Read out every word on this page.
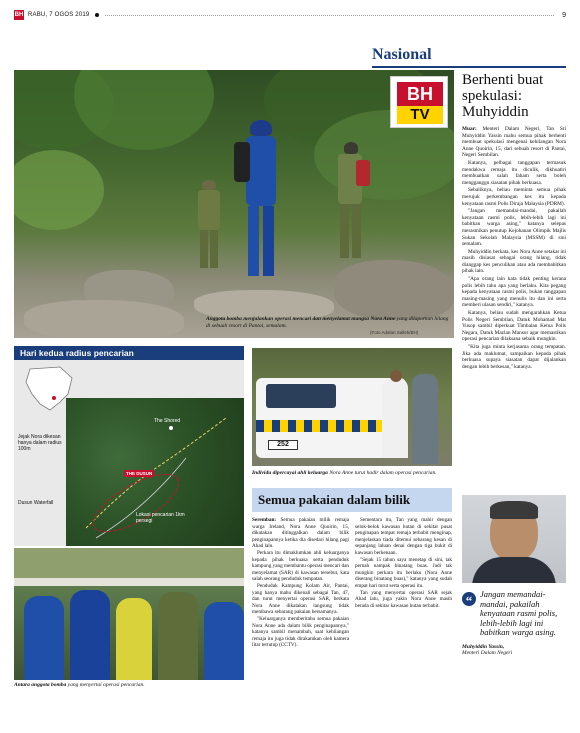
BH RABU, 7 OGOS 2019	9
Nasional
BH
TV
Anggota bomba menjalankan operasi mencari dan menyelamat mangsa Nora Anne yang dilaporkan hilang di sebuah resort di Pantai, semalam.
(Foto Adalan Salleh/BH)
Berhenti buat spekulasi: Muhyiddin

Muar: Menteri Dalam Negeri, Tan Sri Muhyiddin Yassin mahu semua pihak berhenti membuat spekulasi mengenai kehilangan Nora Anne Quoirin, 15, dari sebuah resort di Pantai, Negeri Sembilan.

Katanya, pelbagai tanggapan termasuk mendakwa remaja itu diculik, dikhuatiri membuatkan salah faham serta boleh mengganggu siasatan pihak berkuasa.

Sebaliknya, beliau meminta semua pihak merujuk perkembangan kes itu kepada kenyataan rasmi Polis Diraja Malaysia (PDRM).

"Jangan memandai-mandai, pakailah kenyataan rasmi polis, lebih-lebih lagi ini babitkan warga asing," katanya selepas merasmikan penutup Kejohanan Olimpik Majlis Sukan Sekolah Malaysia (MSSM) di sini semalam.

Muhyiddin berkata, kes Nora Anne setakat ini masih disiasat sebagai orang hilang, tidak dianggap kes penculikan atau ada membabitkan pihak lain.

"Apa orang lain kata tidak penting kerana polis lebih tahu apa yang berlaku. Kita pegang kepada kenyataan rasmi polis, bukan tanggapan masing-masing yang menulis itu dan ini serta memberi ulasan sendiri," katanya.

Katanya, beliau sudah mengarahkan Ketua Polis Negeri Sembilan, Datuk Mohamad Mat Yusop sambil diperkuat Timbalan Ketua Polis Negara, Datuk Mazlan Mansor agar memastikan operasi pencarian dilaksana sebaik mungkin.

"Kita juga minta kerjasama orang tempatan. Jika ada maklumat, sampaikan kepada pihak berkuasa supaya siasatan dapat dijalankan dengan lebih berkesan," katanya.

Hari kedua radius pencarian
The Shored
THE DUSUN
Lokasi pencarian 1km persegi
Jejak Nora dikesan hanya dalam radius 100m
Dusun Waterfall
Antara anggota bomba yang menyertai operasi pencarian.
252
Individu dipercayai ahli keluarga Nora Anne turut hadir dalam operasi pencarian.
Semua pakaian dalam bilik

Seremban: Semua pakaian milik remaja warga Ireland, Nora Anne Quoirin, 15, dikatakan ditinggalkan dalam bilik penginapannya ketika dia disedari hilang pagi Ahad lalu.

Perkara itu dimaklumkan ahli keluarganya kepada pihak berkuasa serta penduduk kampung yang membantu operasi mencari dan menyelamat (SAR) di kawasan tersebut, kata salah seorang penduduk tempatan.

Penduduk Kampung Kolam Air, Pantai, yang hanya mahu dikenali sebagai Tan, 47, dan turut menyertai operasi SAR, berkata Nora Anne dikatakan langsung tidak membawa sebarang pakaian bersamanya.

"Keluarganya memberitahu semua pakaian Nora Anne ada dalam bilik penginapannya," katanya sambil menambah, saat kehilangan remaja itu juga tidak dirakamkan oleh kamera litar tertutup (CCTV).

Sementara itu, Tan yang mahir dengan selok-belok kawasan hutan di sekitar pusat penginapan tempat remaja terbabit menginap, menjelaskan tiada ditemui sebarang kesan di sepanjang laluan denai dengan tiga bukit di kawasan berkenaan.

"Sejak 15 tahun saya menetap di sini, tak pernah nampak binatang buas. Jadi tak mungkin perkara itu berlaku (Nora Anne diserang binatang buas)," katanya yang sudah empat hari turut serta operasi itu.

Tan yang menyertai operasi SAR sejak Ahad lalu, juga yakin Nora Anne masih berada di sekitar kawasan hutan terbabit.	“ Jangan memandai-mandai, pakailah kenyataan rasmi polis, lebih-lebih lagi ini babitkan warga asing.
Muhyiddin Yassin,
Menteri Dalam Negeri
